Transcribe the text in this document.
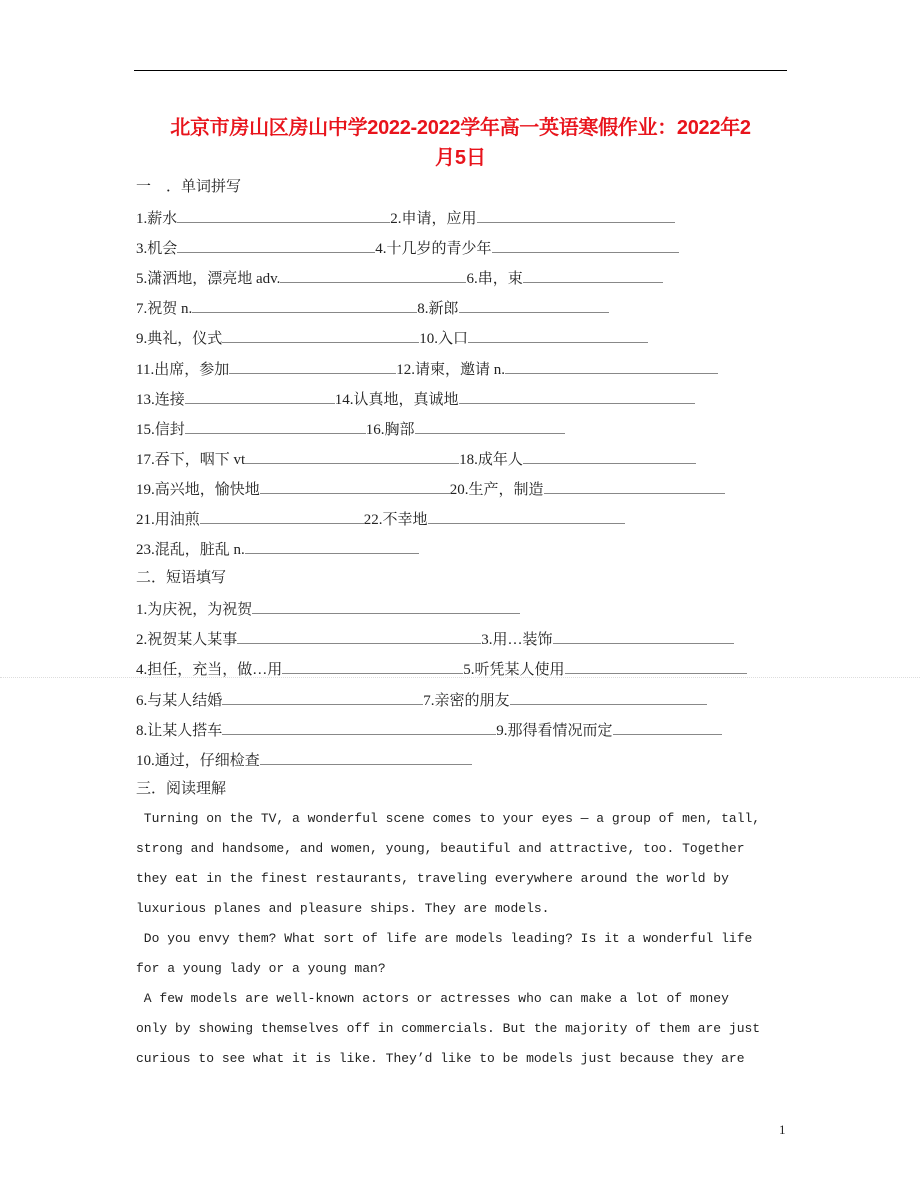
北京市房山区房山中学2022-2022学年高一英语寒假作业：2022年2
月5日
一　．单词拼写
1.薪水	2.申请，应用
3.机会	4.十几岁的青少年
5.潇洒地，漂亮地 adv.	6.串，束
7.祝贺 n.	8.新郎
9.典礼，仪式	10.入口
11.出席，参加	12.请柬，邀请 n.
13.连接	14.认真地，真诚地
15.信封	16.胸部
17.吞下，咽下 vt	18.成年人
19.高兴地，愉快地	20.生产，制造
21.用油煎	22.不幸地
23.混乱，脏乱 n.
二．短语填写
1.为庆祝，为祝贺
2.祝贺某人某事	3.用…装饰
4.担任，充当，做…用	5.听凭某人使用
6.与某人结婚	7.亲密的朋友
8.让某人搭车	9.那得看情况而定
10.通过，仔细检查
三．阅读理解
Turning on the TV, a wonderful scene comes to your eyes — a group of men, tall,
strong and handsome, and women, young, beautiful and attractive, too. Together
they eat in the finest restaurants, traveling everywhere around the world by
luxurious planes and pleasure ships. They are models.
Do you envy them? What sort of life are models leading? Is it a wonderful life
for a young lady or a young man?
A few models are well-known actors or actresses who can make a lot of money
only by showing themselves off in commercials. But the majority of them are just
curious to see what it is like. They’d like to be models just because they are
1
